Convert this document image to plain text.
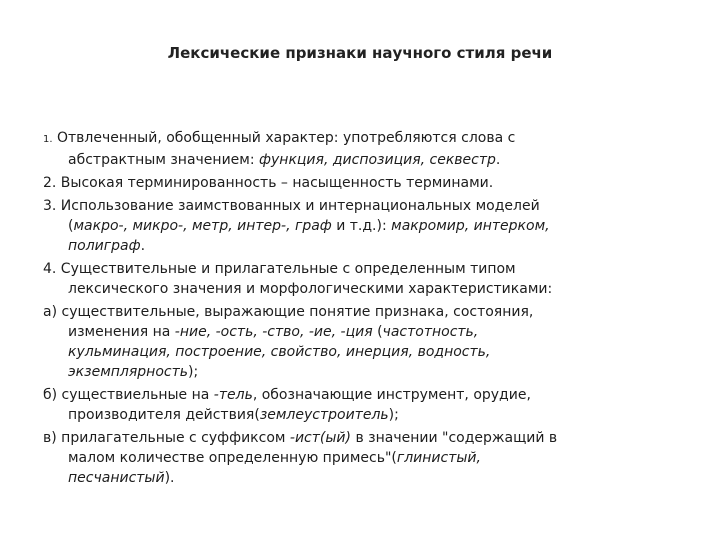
Лексические признаки научного стиля речи
1. Отвлеченный, обобщенный характер: употребляются слова с
абстрактным значением: функция, диспозиция, секвестр.
2. Высокая терминированность – насыщенность терминами.
3. Использование заимствованных и интернациональных моделей
(макро-, микро-, метр, интер-, граф и т.д.): макромир, интерком,
полиграф.
4. Существительные и прилагательные с определенным типом
лексического значения и морфологическими характеристиками:
а) существительные, выражающие понятие признака, состояния,
изменения на -ние, -ость, -ство, -ие, -ция (частотность,
кульминация, построение, свойство, инерция, водность,
экземплярность);
б) существиельные на -тель, обозначающие инструмент, орудие,
производителя действия(землеустроитель);
в) прилагательные с суффиксом -ист(ый) в значении "содержащий в
малом количестве определенную примесь"(глинистый,
песчанистый).
